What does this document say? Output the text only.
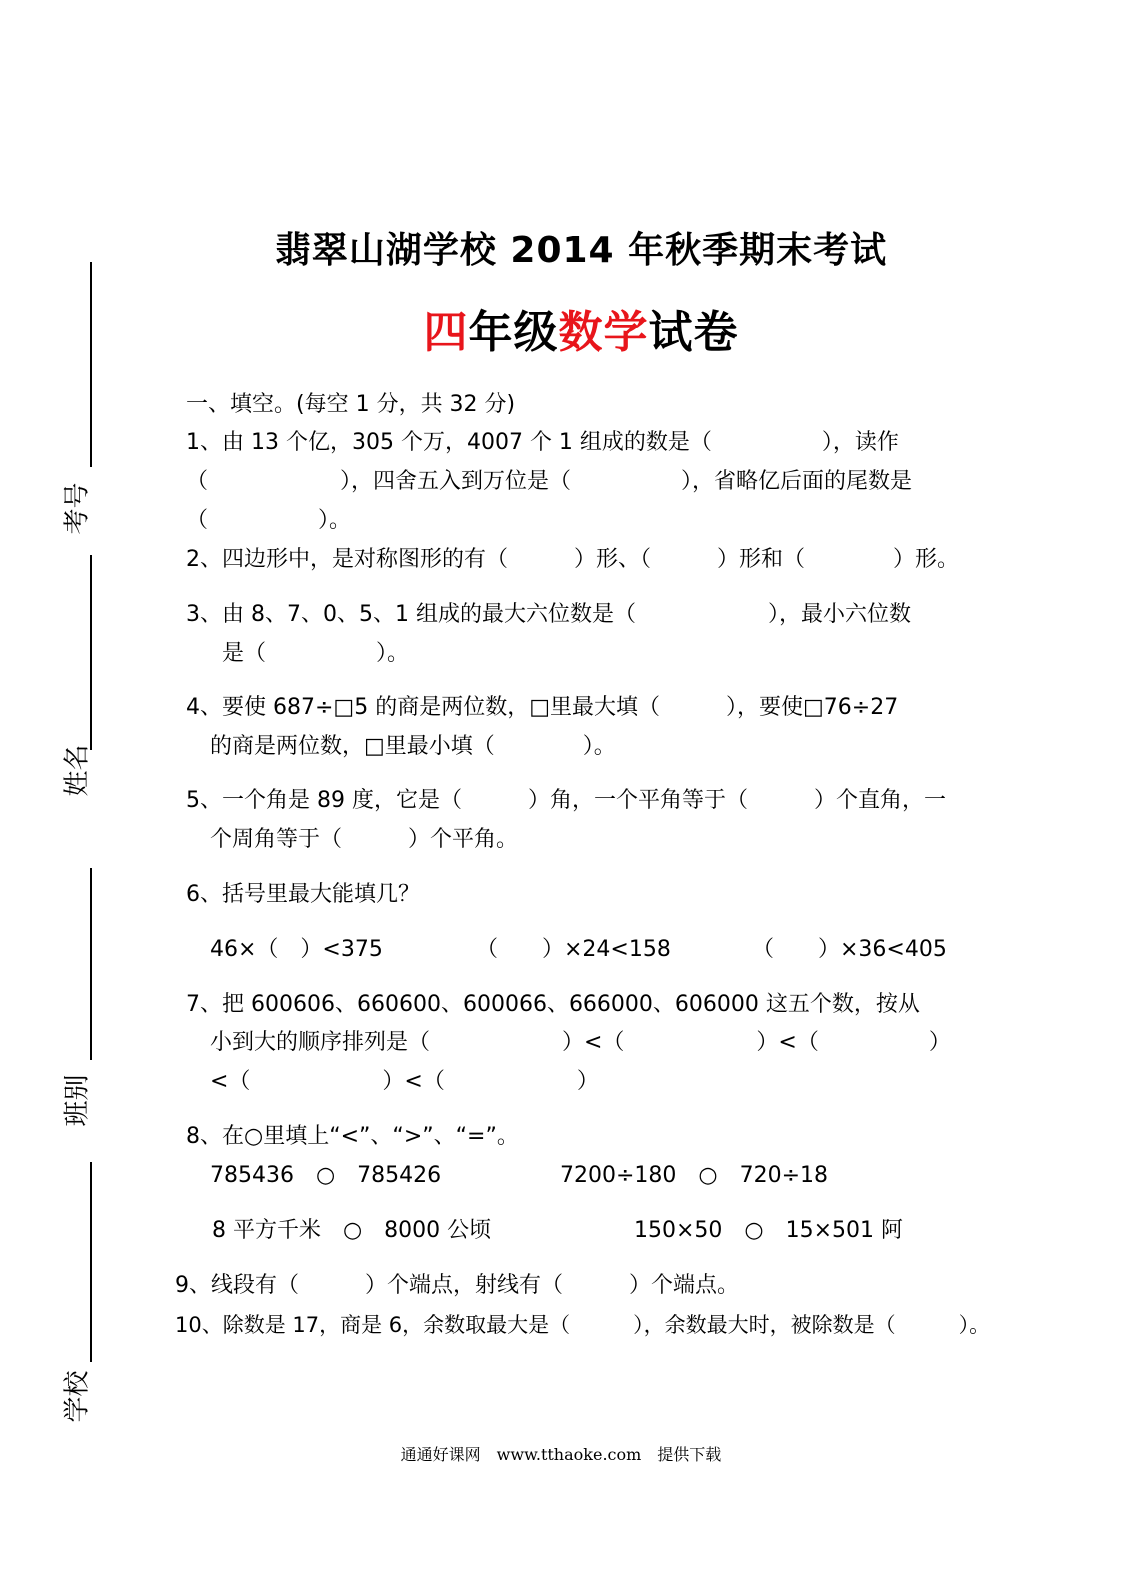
考号
姓名
班别
学校
翡翠山湖学校 2014 年秋季期末考试
四年级数学试卷
一、填空。(每空 1 分，共 32 分)
1、由 13 个亿，305 个万，4007 个 1 组成的数是（　　　　　），读作
（　　　　　　），四舍五入到万位是（　　　　　），省略亿后面的尾数是
（　　　　　）。
2、四边形中，是对称图形的有（　　　）形、（　　　）形和（　　　　）形。
3、由 8、7、0、5、1 组成的最大六位数是（　　　　　　），最小六位数
是（　　　　　）。
4、要使 687÷□5 的商是两位数，□里最大填（　　　），要使□76÷27
的商是两位数，□里最小填（　　　　）。
5、一个角是 89 度，它是（　　　）角，一个平角等于（　　　）个直角，一
个周角等于（　　　）个平角。
6、括号里最大能填几？
46×（　）<375	（　　）×24<158	（　　）×36<405
7、把 600606、660600、600066、666000、606000 这五个数，按从
小到大的顺序排列是（　　　　　　）<（　　　　　　）<（　　　　　）
<（　　　　　　）<（　　　　　　）
8、在○里填上“<”、“>”、“=”。
785436　○　785426	7200÷180　○　720÷18
8 平方千米　○　8000 公顷	150×50　○　15×501 阿
9、线段有（　　　）个端点，射线有（　　　）个端点。
10、除数是 17，商是 6，余数取最大是（　　　），余数最大时，被除数是（　　　）。
通通好课网　www.tthaoke.com　提供下载
